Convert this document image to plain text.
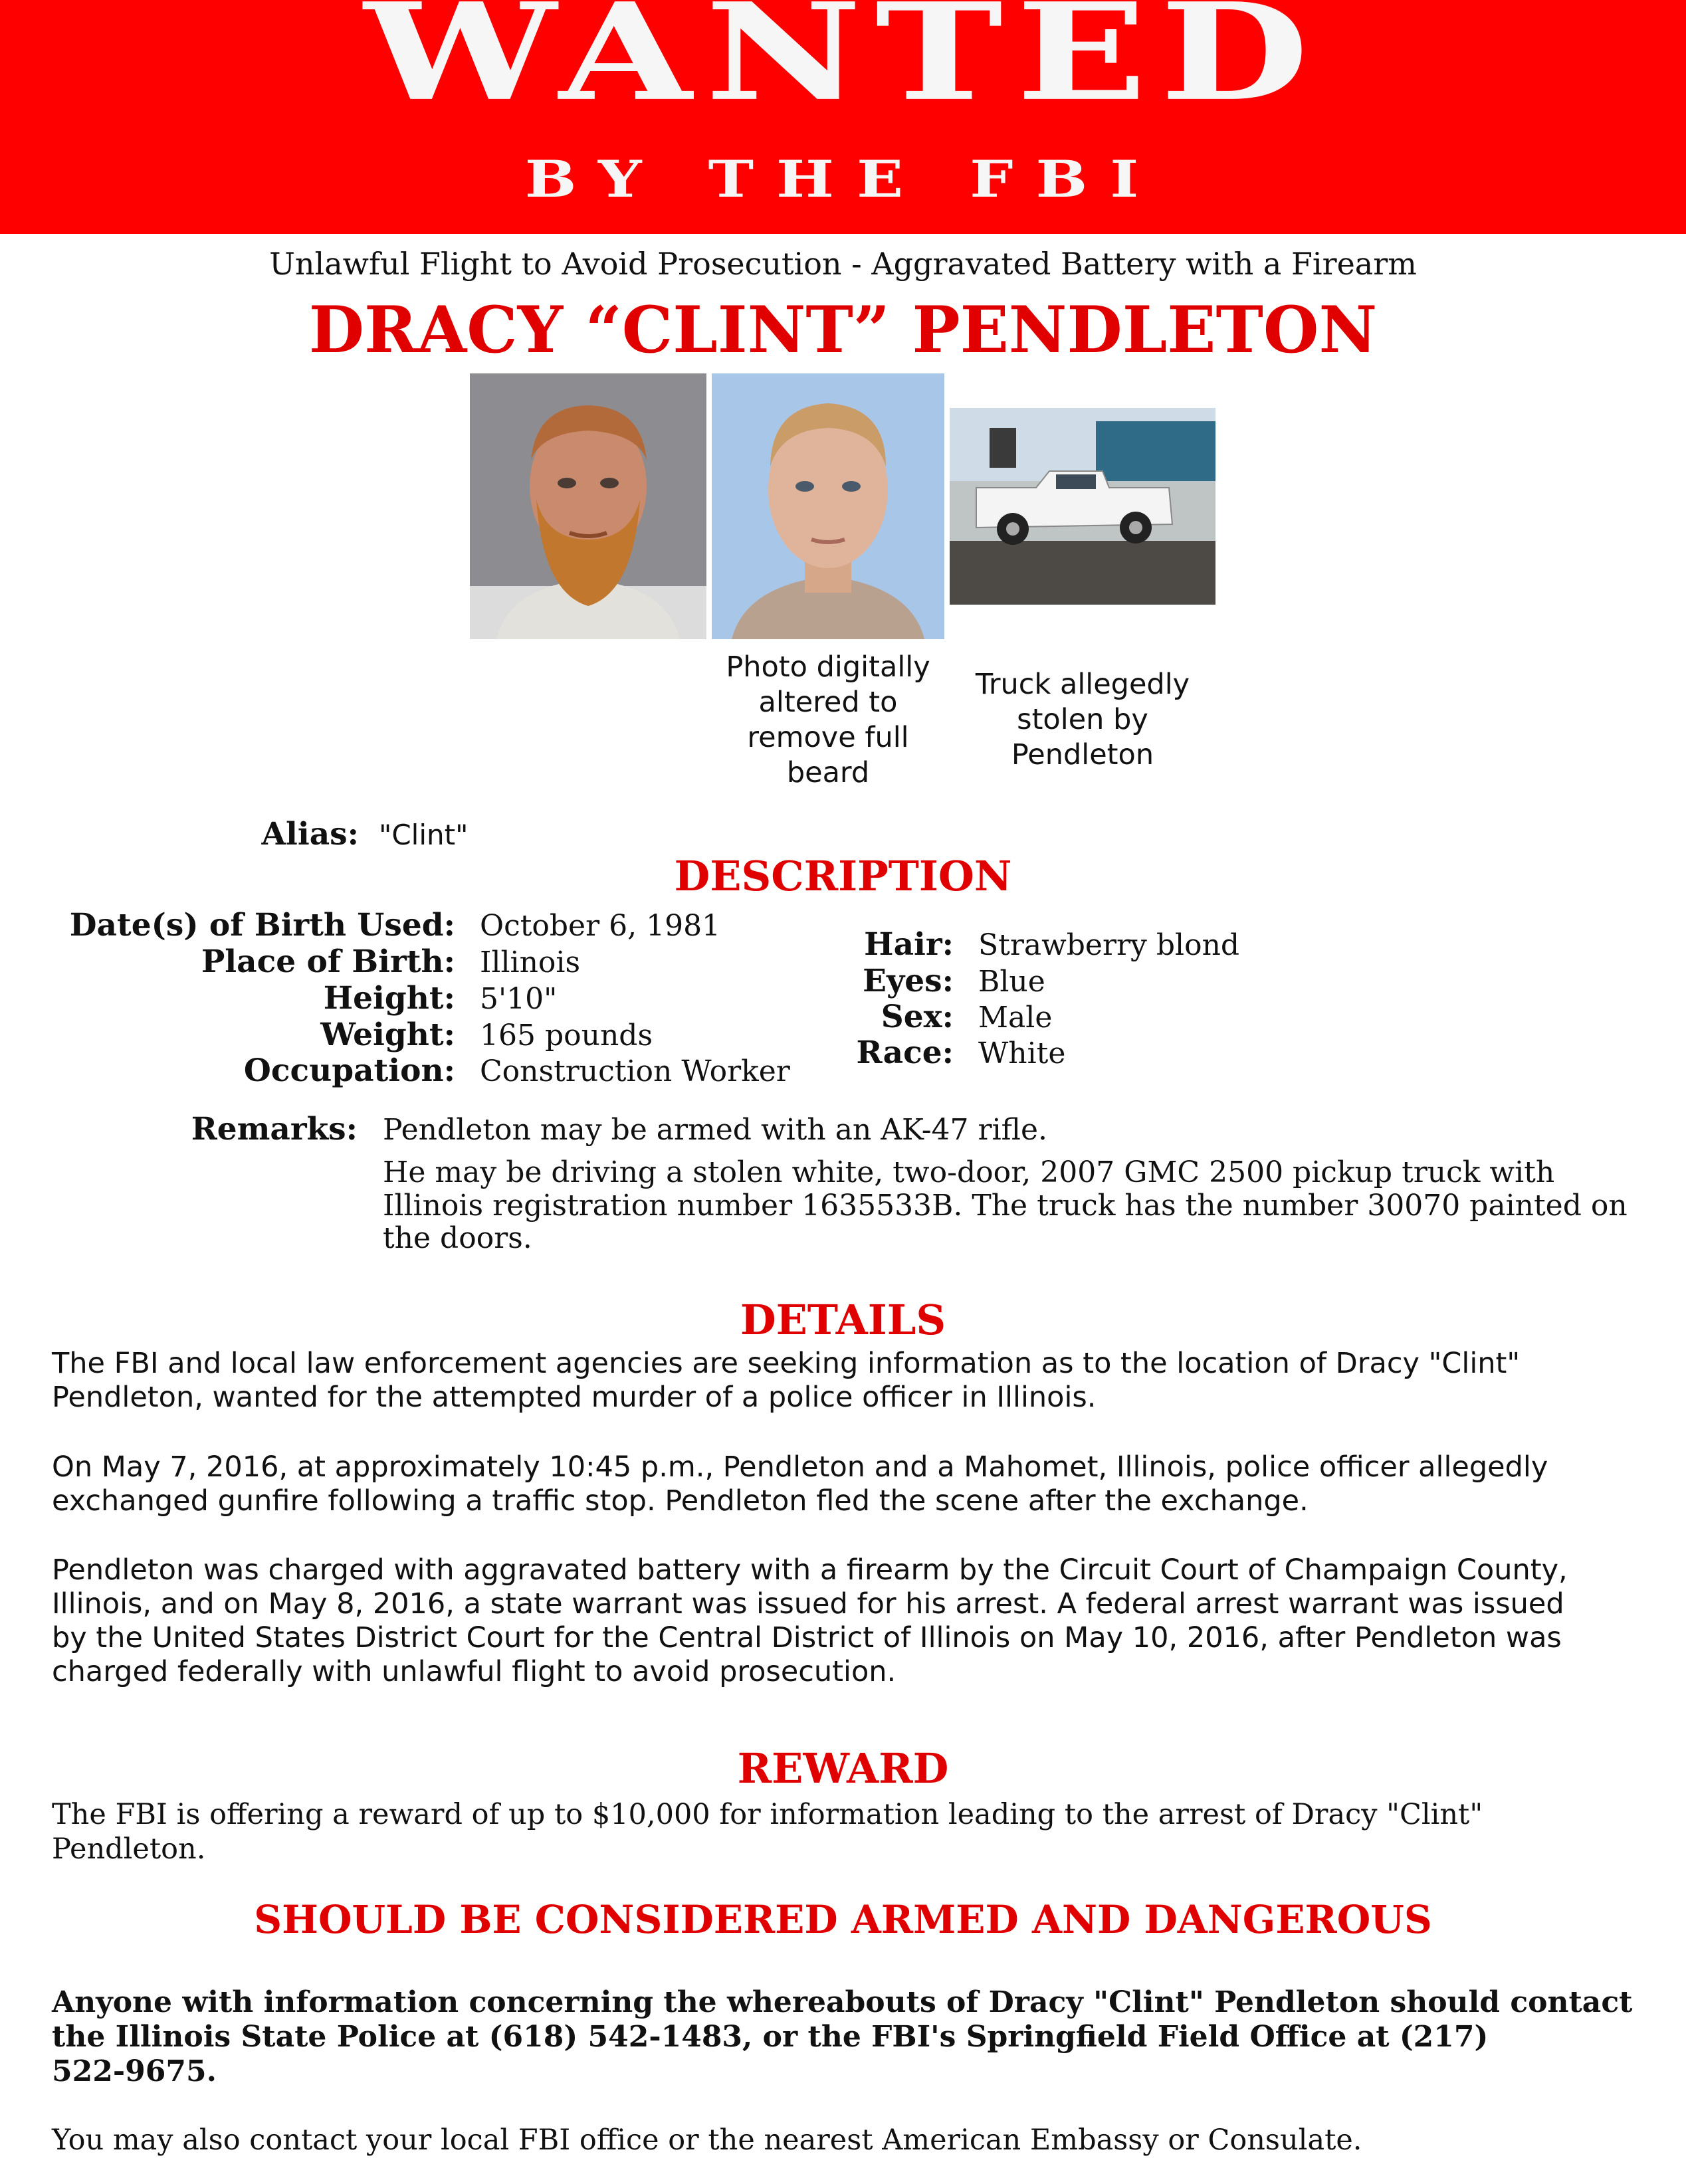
WANTED
BY THE FBI
Unlawful Flight to Avoid Prosecution - Aggravated Battery with a Firearm
DRACY “CLINT” PENDLETON
Photo digitally
altered to
remove full
beard
Truck allegedly
stolen by
Pendleton
Alias: "Clint"
DESCRIPTION
Date(s) of Birth Used: October 6, 1981
Place of Birth: Illinois
Height: 5'10"
Weight: 165 pounds
Occupation: Construction Worker
Hair: Strawberry blond
Eyes: Blue
Sex: Male
Race: White
Remarks: Pendleton may be armed with an AK-47 rifle.
He may be driving a stolen white, two-door, 2007 GMC 2500 pickup truck with
Illinois registration number 1635533B. The truck has the number 30070 painted on
the doors.
DETAILS
The FBI and local law enforcement agencies are seeking information as to the location of Dracy "Clint"
Pendleton, wanted for the attempted murder of a police officer in Illinois.
On May 7, 2016, at approximately 10:45 p.m., Pendleton and a Mahomet, Illinois, police officer allegedly
exchanged gunfire following a traffic stop. Pendleton fled the scene after the exchange.
Pendleton was charged with aggravated battery with a firearm by the Circuit Court of Champaign County,
Illinois, and on May 8, 2016, a state warrant was issued for his arrest. A federal arrest warrant was issued
by the United States District Court for the Central District of Illinois on May 10, 2016, after Pendleton was
charged federally with unlawful flight to avoid prosecution.
REWARD
The FBI is offering a reward of up to $10,000 for information leading to the arrest of Dracy "Clint"
Pendleton.
SHOULD BE CONSIDERED ARMED AND DANGEROUS
Anyone with information concerning the whereabouts of Dracy "Clint" Pendleton should contact
the Illinois State Police at (618) 542-1483, or the FBI's Springfield Field Office at (217)
522-9675.
You may also contact your local FBI office or the nearest American Embassy or Consulate.
